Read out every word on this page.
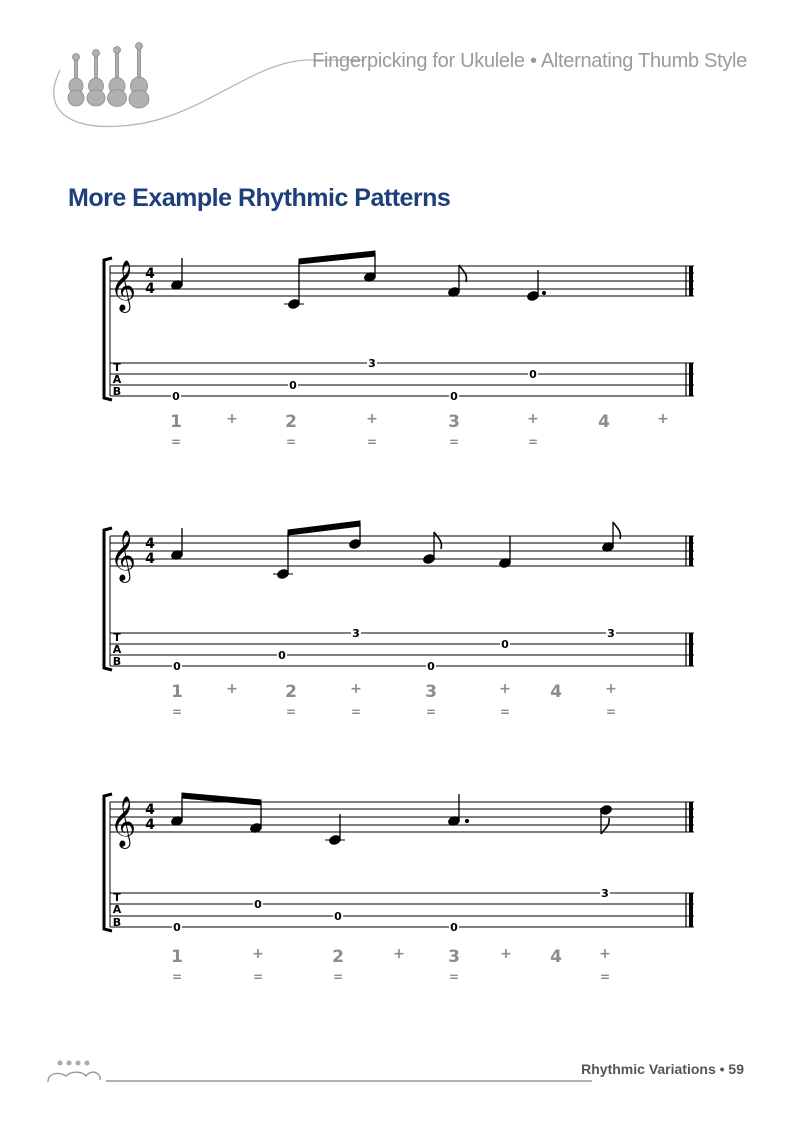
Fingerpicking for Ukulele • Alternating Thumb Style
More Example Rhythmic Patterns
𝄞 4
4
T
A
B	0
0
3
0
0
1
=
+	2
=
+
=
3
=
+
=
4	+
𝄞 4
4
T
A
B	0
0
3
0
0
3
1
=
+	2
=
+
=
3
=
+
=
4	+
=
𝄞 4
4
T
A
B	0
0
0
0
3
1
=
+
=
2
=
+	3
=
+ 4	+
=
Rhythmic Variations • 59
